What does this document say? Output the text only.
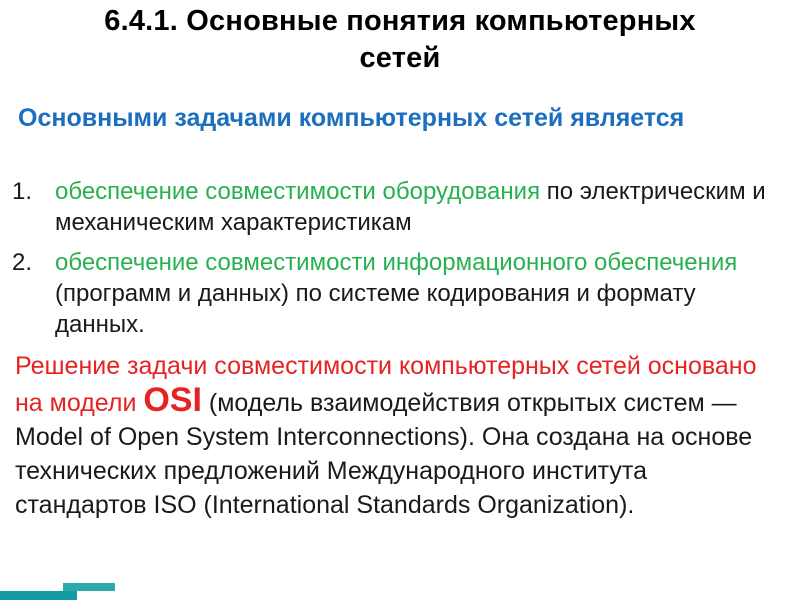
6.4.1. Основные понятия компьютерных сетей
Основными задачами компьютерных сетей является
1. обеспечение совместимости оборудования по электрическим и механическим характеристикам
2. обеспечение совместимости информационного обеспечения (программ и данных) по системе кодирования и формату данных.

Решение задачи совместимости компьютерных сетей основано на модели OSI (модель взаимодействия открытых систем — Model of Open System Interconnections). Она создана на основе технических предложений Международного института стандартов ISO (International Standards Organization).
